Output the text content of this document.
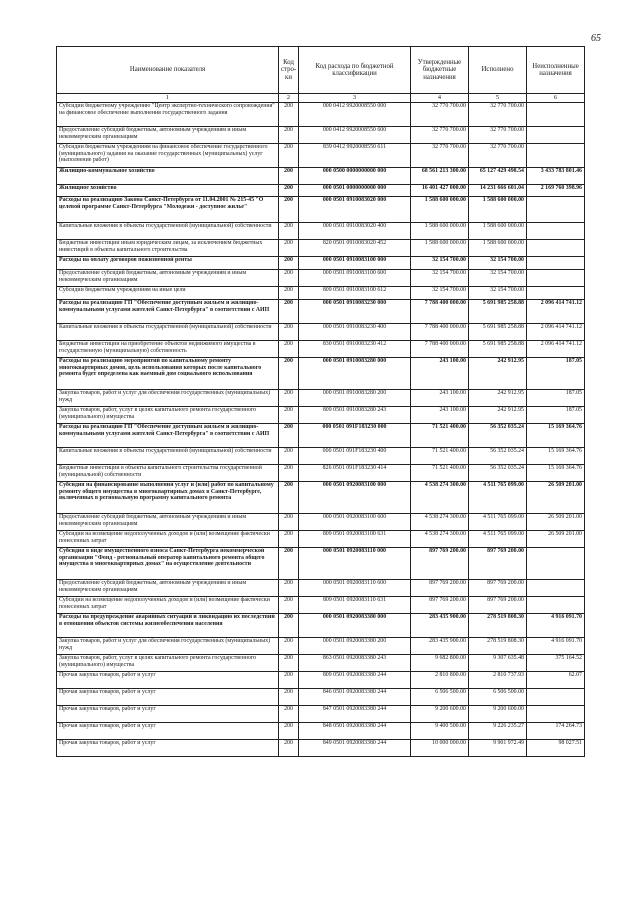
65
Наименование показателя	Код стро-ки	Код расхода по бюджетной классификации	Утвержденные бюджетные назначения	Исполнено	Неисполненные назначения
1	2	3	4	5	6
Субсидии бюджетному учреждению "Центр экспертно-технического сопровождения" на финансовое обеспечение выполнения государственного задания	200	000 0412 9920008550 000	32 770 700.00	32 770 700.00	
Предоставление субсидий бюджетным, автономным учреждениям и иным некоммерческим организациям	200	000 0412 9920008550 600	32 770 700.00	32 770 700.00	
Субсидии бюджетным учреждениям на финансовое обеспечение государственного (муниципального) задания на оказание государственных (муниципальных) услуг (выполнение работ)	200	839 0412 9920008550 611	32 770 700.00	32 770 700.00	
Жилищно-коммунальное хозяйство	200	000 0500 0000000000 000	68 561 213 300.00	65 127 429 498.54	3 433 783 801.46
Жилищное хозяйство	200	000 0501 0000000000 000	16 401 427 000.00	14 231 666 601.04	2 169 760 398.96
Расходы на реализацию Закона Санкт-Петербурга от 11.04.2001 № 215-45 "О целевой программе Санкт-Петербурга "Молодежи - доступное жилье"	200	000 0501 0910083020 000	1 588 600 000.00	1 588 600 000.00	
Капитальные вложения в объекты государственной (муниципальной) собственности	200	000 0501 0910083020 400	1 588 600 000.00	1 588 600 000.00	
Бюджетные инвестиции иным юридическим лицам, за исключением бюджетных инвестиций в объекты капитального строительства	200	820 0501 0910083020 452	1 588 600 000.00	1 588 600 000.00	
Расходы на оплату договоров пожизненной ренты	200	000 0501 0910083100 000	32 154 700.00	32 154 700.00	
Предоставление субсидий бюджетным, автономным учреждениям и иным некоммерческим организациям	200	000 0501 0910083100 600	32 154 700.00	32 154 700.00	
Субсидии бюджетным учреждениям на иные цели	200	809 0501 0910083100 612	32 154 700.00	32 154 700.00	
Расходы на реализацию ГП "Обеспечение доступным жильем и жилищно-коммунальными услугами жителей Санкт-Петербурга" в соответствии с АИП	200	000 0501 0910083230 000	7 788 400 000.00	5 691 985 258.88	2 096 414 741.12
Капитальные вложения в объекты государственной (муниципальной) собственности	200	000 0501 0910083230 400	7 788 400 000.00	5 691 985 258.88	2 096 414 741.12
Бюджетные инвестиции на приобретение объектов недвижимого имущества в государственную (муниципальную) собственность	200	830 0501 0910083230 412	7 788 400 000.00	5 691 985 258.88	2 096 414 741.12
Расходы на реализацию мероприятий по капитальному ремонту многоквартирных домов, цель использования которых после капитального ремонта будет определена как наемный дом социального использования	200	000 0501 0910083280 000	243 100.00	242 912.95	187.05
Закупка товаров, работ и услуг для обеспечения государственных (муниципальных) нужд	200	000 0501 0910083280 200	243 100.00	242 912.95	187.05
Закупка товаров, работ, услуг в целях капитального ремонта государственного (муниципального) имущества	200	809 0501 0910083280 243	243 100.00	242 912.95	187.05
Расходы на реализацию ГП "Обеспечение доступным жильем и жилищно-коммунальными услугами жителей Санкт-Петербурга" в соответствии с АИП	200	000 0501 091F183230 000	71 521 400.00	56 352 035.24	15 169 364.76
Капитальные вложения в объекты государственной (муниципальной) собственности	200	000 0501 091F183230 400	71 521 400.00	56 352 035.24	15 169 364.76
Бюджетные инвестиции в объекты капитального строительства государственной (муниципальной) собственности	200	826 0501 091F183230 414	71 521 400.00	56 352 035.24	15 169 364.76
Субсидия на финансирование выполнения услуг и (или) работ по капитальному ремонту общего имущества в многоквартирных домах в Санкт-Петербурге, включенных в региональную программу капитального ремонта	200	000 0501 0920083100 000	4 538 274 300.00	4 511 765 099.00	26 509 201.00
Предоставление субсидий бюджетным, автономным учреждениям и иным некоммерческим организациям	200	000 0501 0920083100 600	4 538 274 300.00	4 511 765 099.00	26 509 201.00
Субсидии на возмещение недополученных доходов и (или) возмещение фактически понесенных затрат	200	809 0501 0920083100 631	4 538 274 300.00	4 511 765 099.00	26 509 201.00
Субсидия в виде имущественного взноса Санкт-Петербурга некоммерческой организации "Фонд - региональный оператор капитального ремонта общего имущества в многоквартирных домах" на осуществление деятельности	200	000 0501 0920083110 000	897 769 200.00	897 769 200.00	
Предоставление субсидий бюджетным, автономным учреждениям и иным некоммерческим организациям	200	000 0501 0920083110 600	897 769 200.00	897 769 200.00	
Субсидии на возмещение недополученных доходов и (или) возмещение фактически понесенных затрат	200	809 0501 0920083110 631	897 769 200.00	897 769 200.00	
Расходы на предупреждение аварийных ситуаций и ликвидацию их последствий в отношении объектов системы жизнеобеспечения населения	200	000 0501 0920083380 000	283 435 900.00	278 519 808.30	4 916 091.70
Закупка товаров, работ и услуг для обеспечения государственных (муниципальных) нужд	200	000 0501 0920083380 200	283 435 900.00	278 519 808.30	4 916 091.70
Закупка товаров, работ, услуг в целях капитального ремонта государственного (муниципального) имущества	200	863 0501 0920083380 243	9 682 800.00	9 307 635.48	375 164.52
Прочая закупка товаров, работ и услуг	200	809 0501 0920083380 244	2 810 800.00	2 810 737.93	62.07
Прочая закупка товаров, работ и услуг	200	846 0501 0920083380 244	6 506 500.00	6 506 500.00	
Прочая закупка товаров, работ и услуг	200	847 0501 0920083380 244	9 200 600.00	9 200 600.00	
Прочая закупка товаров, работ и услуг	200	848 0501 0920083380 244	9 400 500.00	9 226 235.27	174 264.73
Прочая закупка товаров, работ и услуг	200	849 0501 0920083380 244	10 000 000.00	9 901 972.49	98 027.51
